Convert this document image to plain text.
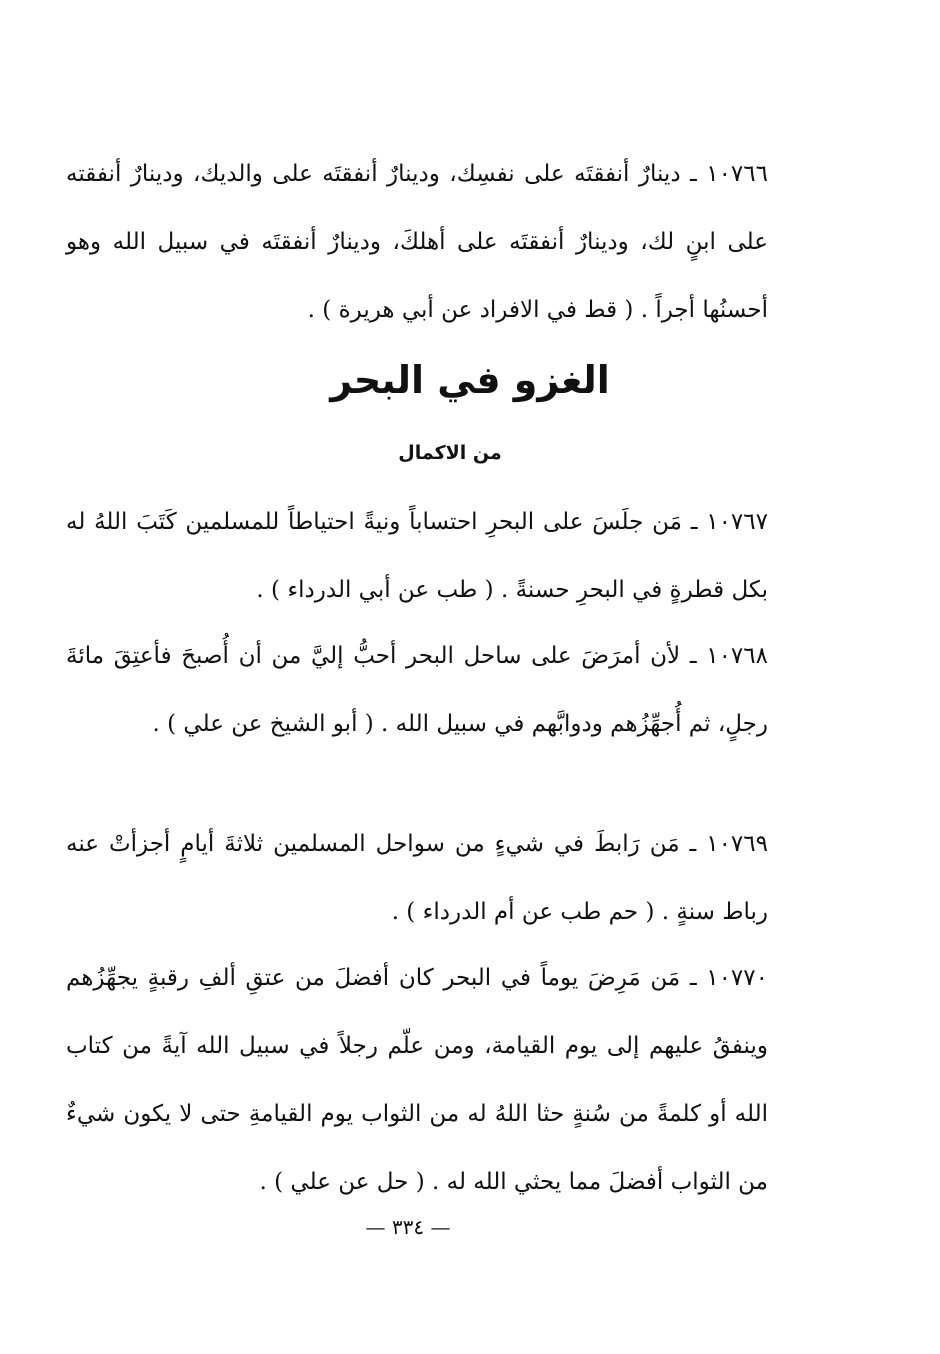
١٠٧٦٦ ـ دينارٌ أنفقتَه على نفسِك، ودينارٌ أنفقتَه على والديك، ودينارٌ أنفقته على ابنٍ لك، ودينارٌ أنفقتَه على أهلكَ، ودينارٌ أنفقتَه في سبيل الله وهو أحسنُها أجراً . ( قط في الافراد عن أبي هريرة ) .

الغزو في البحر
من الاكمال

١٠٧٦٧ ـ مَن جلَسَ على البحرِ احتساباً ونيةً احتياطاً للمسلمين كَتَبَ اللهُ له بكل قطرةٍ في البحرِ حسنةً . ( طب عن أبي الدرداء ) .

١٠٧٦٨ ـ لأن أمرَضَ على ساحل البحر أحبُّ إليَّ من أن أُصبحَ فأعتِقَ مائةَ رجلٍ، ثم أُجهِّزُهم ودوابَّهم في سبيل الله . ( أبو الشيخ عن علي ) .

١٠٧٦٩ ـ مَن رَابطَ في شيءٍ من سواحل المسلمين ثلاثةَ أيامٍ أجزأتْ عنه رباط سنةٍ . ( حم طب عن أم الدرداء ) .

١٠٧٧٠ ـ مَن مَرِضَ يوماً في البحر كان أفضلَ من عتقِ ألفِ رقبةٍ يجهِّزُهم وينفقُ عليهم إلى يوم القيامة، ومن علّم رجلاً في سبيل الله آيةً من كتاب الله أو كلمةً من سُنةٍ حثا اللهُ له من الثواب يوم القيامةِ حتى لا يكون شيءٌ من الثواب أفضلَ مما يحثي الله له . ( حل عن علي ) .

— ٣٣٤ —
